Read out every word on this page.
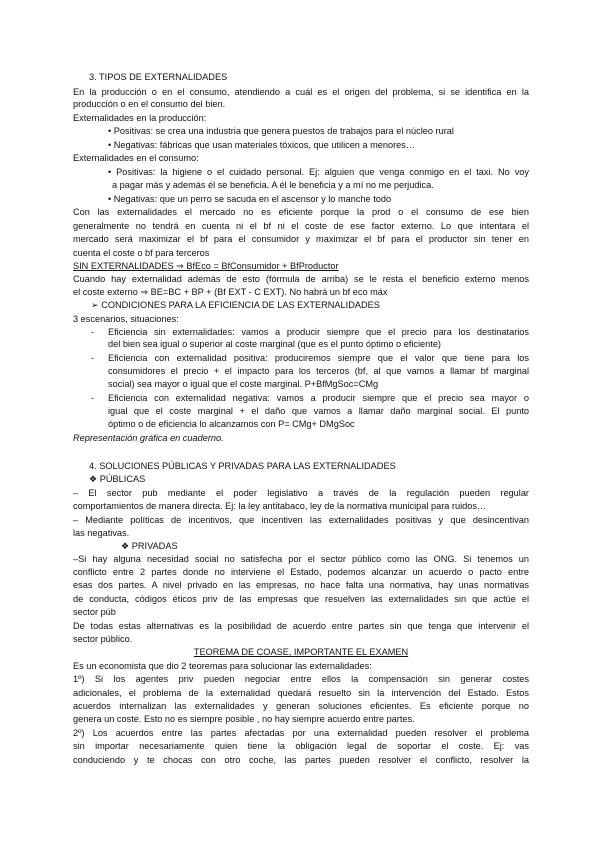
3. TIPOS DE EXTERNALIDADES
En la producción o en el consumo, atendiendo a cuál es el origen del problema, si se identifica en la
producción o en el consumo del bien.
Externalidades en la producción:
• Positivas: se crea una industria que genera puestos de trabajos para el núcleo rural
• Negativas: fábricas que usan materiales tóxicos, que utilicen a menores…
Externalidades en el consumo:
• Positivas: la higiene o el cuidado personal. Ej: alguien que venga conmigo en el taxi. No voy
a pagar más y además él se beneficia. A él le beneficia y a mí no me perjudica.
• Negativas: que un perro se sacuda en el ascensor y lo manche todo
Con las externalidades el mercado no es eficiente porque la prod o el consumo de ese bien
generalmente no tendrá en cuenta ni el bf ni el coste de ese factor externo. Lo que intentara el
mercado será maximizar el bf para el consumidor y maximizar el bf para el productor sin tener en
cuenta el coste o bf para terceros
SIN EXTERNALIDADES ⇒ BfEco = BfConsumidor + BfProductor
Cuando hay externalidad además de esto (fórmula de arriba) se le resta el beneficio externo menos
el coste externo ⇒ BE=BC + BP + (Bf EXT - C EXT). No habrá un bf eco máx
➢ CONDICIONES PARA LA EFICIENCIA DE LAS EXTERNALIDADES
3 escenarios, situaciones:
-	Eficiencia sin externalidades: vamos a producir siempre que el precio para los destinatarios
del bien sea igual o superior al coste marginal (que es el punto óptimo o eficiente)
-	Eficiencia con externalidad positiva: produciremos siempre que el valor que tiene para los
consumidores el precio + el impacto para los terceros (bf, al que vamos a llamar bf marginal
social) sea mayor o igual que el coste marginal. P+BfMgSoc=CMg
-	Eficiencia con externalidad negativa: vamos a producir siempre que el precio sea mayor o
igual que el coste marginal + el daño que vamos a llamar daño marginal social. El punto
óptimo o de eficiencia lo alcanzamos con P= CMg+ DMgSoc
Representación gráfica en cuaderno.
4. SOLUCIONES PÚBLICAS Y PRIVADAS PARA LAS EXTERNALIDADES
❖ PÚBLICAS
– El sector pub mediante el poder legislativo a través de la regulación pueden regular
comportamientos de manera directa. Ej: la ley antitabaco, ley de la normativa municipal para ruidos…
– Mediante políticas de incentivos, que incentiven las externalidades positivas y que desincentivan
las negativas.
❖ PRIVADAS
–Si hay alguna necesidad social no satisfecha por el sector público como las ONG. Si tenemos un
conflicto entre 2 partes donde no interviene el Estado, podemos alcanzar un acuerdo o pacto entre
esas dos partes. A nivel privado en las empresas, no hace falta una normativa, hay unas normativas
de conducta, códigos éticos priv de las empresas que resuelven las externalidades sin que actúe el
sector púb
De todas estas alternativas es la posibilidad de acuerdo entre partes sin que tenga que intervenir el
sector público.
TEOREMA DE COASE, IMPORTANTE EL EXAMEN
Es un economista que dio 2 teoremas para solucionar las externalidades:
1º) Si los agentes priv pueden negociar entre ellos la compensación sin generar costes
adicionales, el problema de la externalidad quedará resuelto sin la intervención del Estado. Estos
acuerdos internalizan las externalidades y generan soluciones eficientes. Es eficiente porque no
genera un coste. Esto no es siempre posible , no hay siempre acuerdo entre partes.
2º) Los acuerdos entre las partes afectadas por una externalidad pueden resolver el problema
sin importar necesariamente quien tiene la obligación legal de soportar el coste. Ej: vas
conduciendo y te chocas con otro coche, las partes pueden resolver el conflicto, resolver la
